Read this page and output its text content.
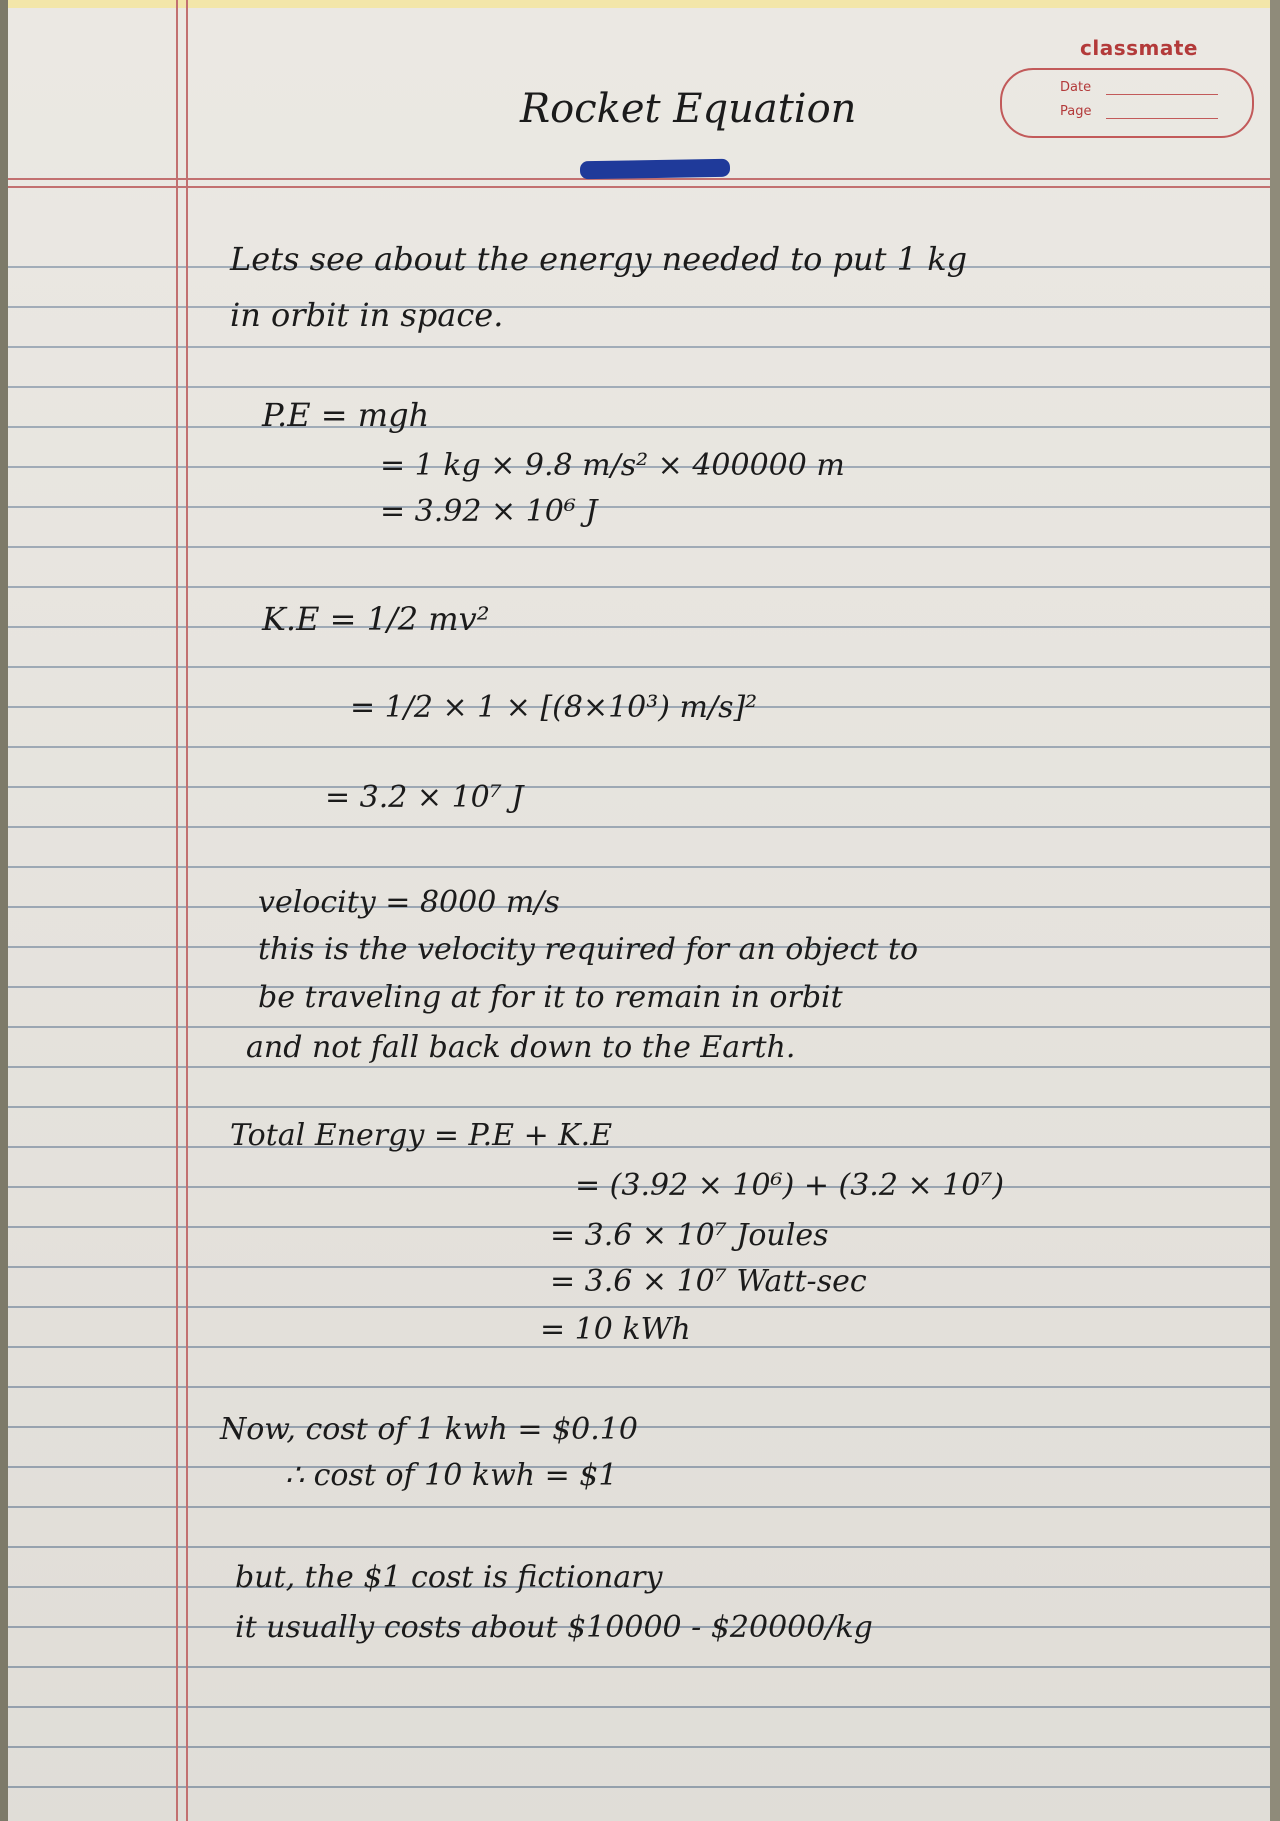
classmate
Date
Page
Rocket Equation
Lets see about the energy needed to put 1 kg
in orbit in space.
P.E = mgh
= 1 kg × 9.8 m/s² × 400000 m
= 3.92 × 10⁶ J
K.E = 1/2 mv²
= 1/2 × 1 × [(8×10³) m/s]²
= 3.2 × 10⁷ J
velocity = 8000 m/s
this is the velocity required for an object to
be traveling at for it to remain in orbit
and not fall back down to the Earth.
Total Energy = P.E + K.E
= (3.92 × 10⁶) + (3.2 × 10⁷)
= 3.6 × 10⁷ Joules
= 3.6 × 10⁷ Watt-sec
= 10 kWh
Now, cost of 1 kwh = $0.10
∴ cost of 10 kwh = $1
but, the $1 cost is fictionary
it usually costs about $10000 - $20000/kg
